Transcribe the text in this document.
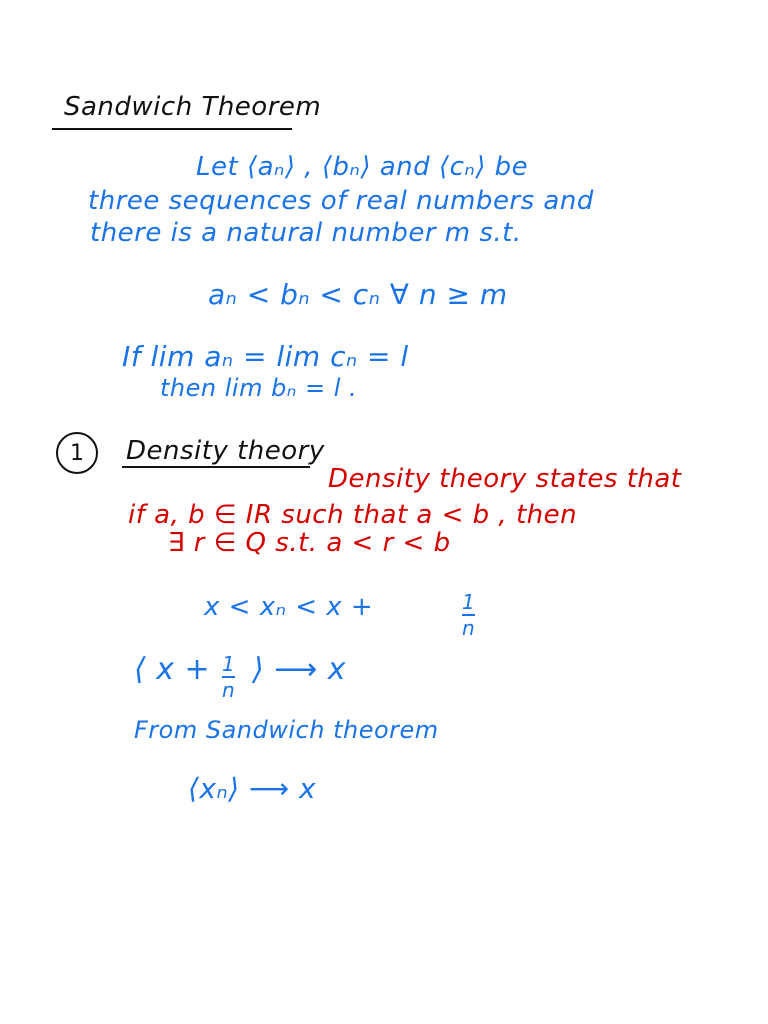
Sandwich Theorem
Let ⟨aₙ⟩ , ⟨bₙ⟩ and ⟨cₙ⟩ be
three sequences of real numbers and
there is a natural number m s.t.
aₙ < bₙ < cₙ ∀ n ≥ m
If lim aₙ = lim cₙ = l
then lim bₙ = l .
1 Density theory
Density theory states that
if a, b ∈ IR such that a < b , then
∃ r ∈ Q s.t. a < r < b
x < xₙ < x +	1
n
⟨ x + 1
n
⟩ ⟶ x
From Sandwich theorem
⟨xₙ⟩ ⟶ x
